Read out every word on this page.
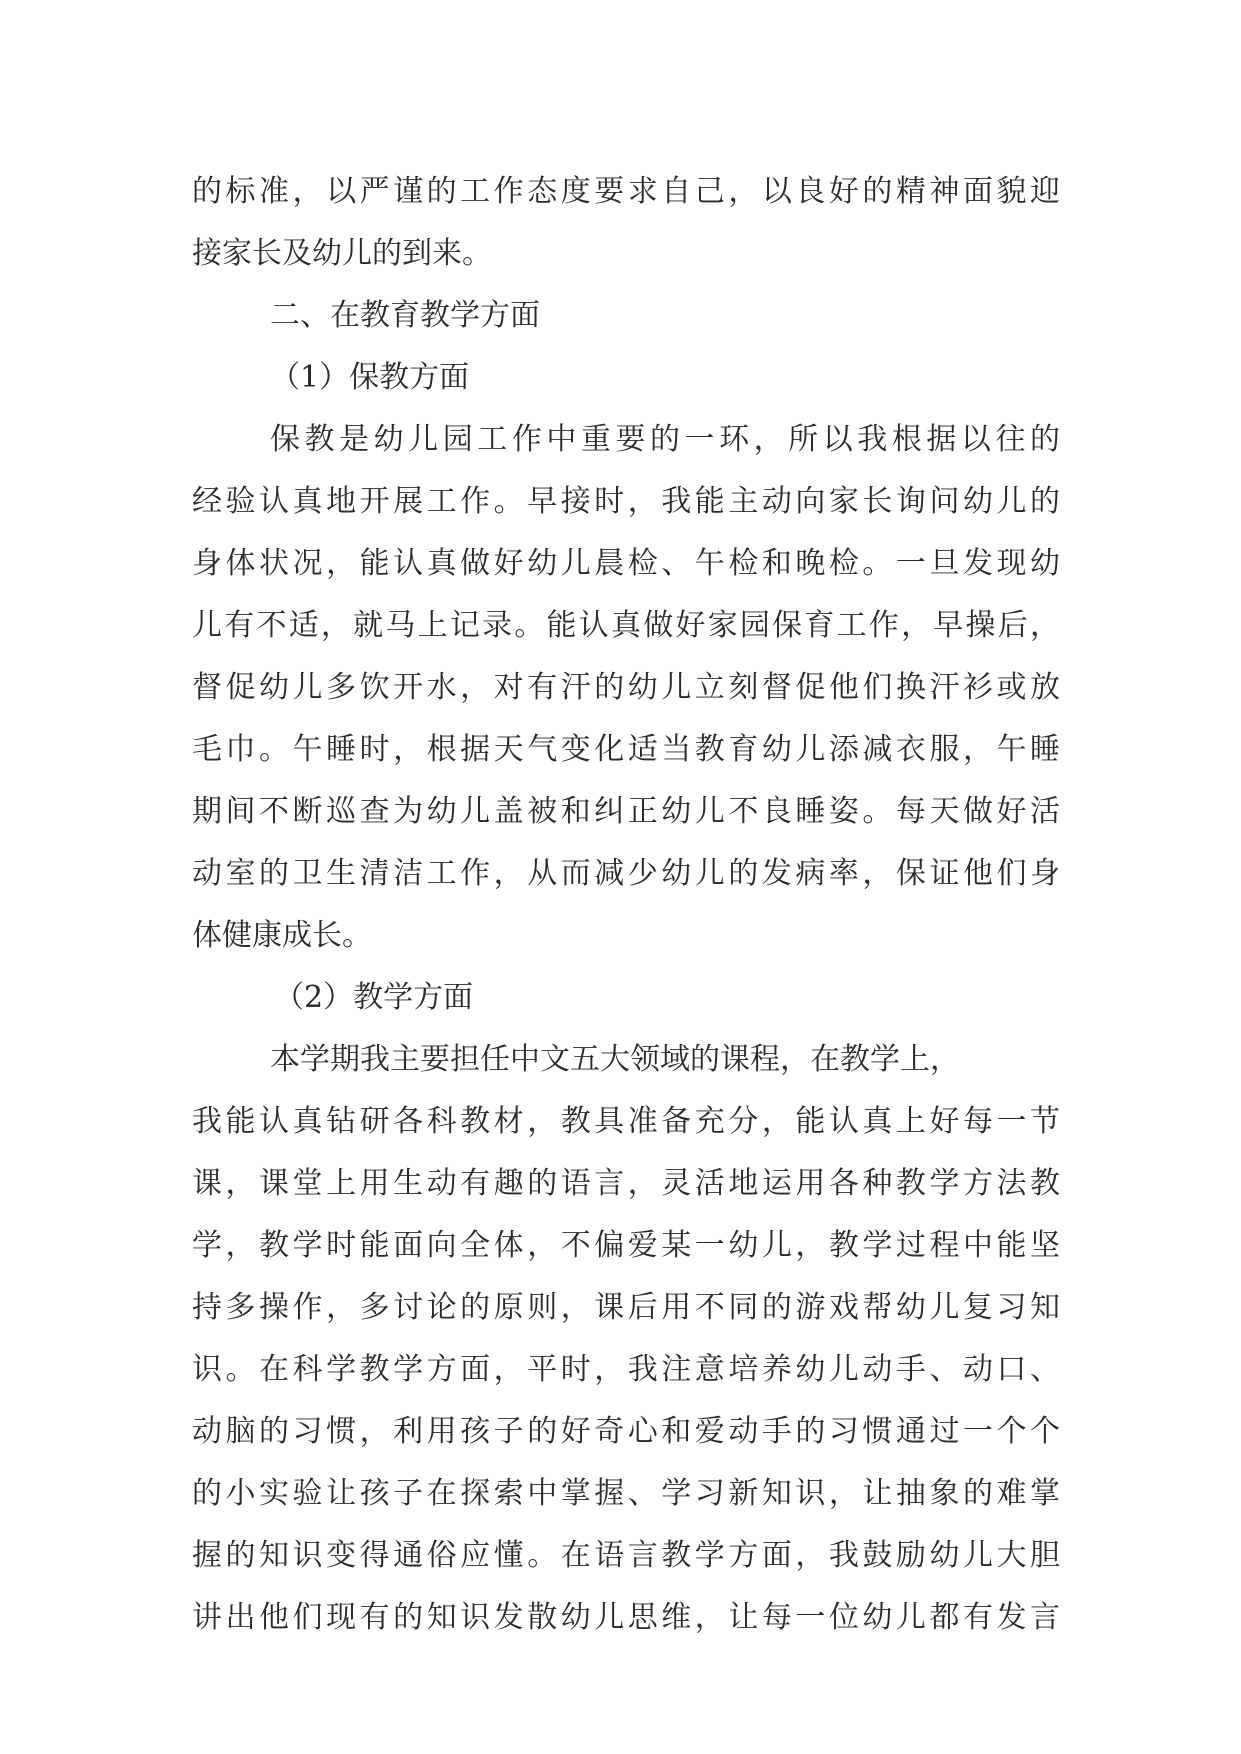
的标准，以严谨的工作态度要求自己，以良好的精神面貌迎
接家长及幼儿的到来。
二、在教育教学方面
（1）保教方面
保教是幼儿园工作中重要的一环，所以我根据以往的
经验认真地开展工作。早接时，我能主动向家长询问幼儿的
身体状况，能认真做好幼儿晨检、午检和晚检。一旦发现幼
儿有不适，就马上记录。能认真做好家园保育工作，早操后，
督促幼儿多饮开水，对有汗的幼儿立刻督促他们换汗衫或放
毛巾。午睡时，根据天气变化适当教育幼儿添减衣服，午睡
期间不断巡查为幼儿盖被和纠正幼儿不良睡姿。每天做好活
动室的卫生清洁工作，从而减少幼儿的发病率，保证他们身
体健康成长。
（2）教学方面
本学期我主要担任中文五大领域的课程，在教学上，
我能认真钻研各科教材，教具准备充分，能认真上好每一节
课，课堂上用生动有趣的语言，灵活地运用各种教学方法教
学，教学时能面向全体，不偏爱某一幼儿，教学过程中能坚
持多操作，多讨论的原则，课后用不同的游戏帮幼儿复习知
识。在科学教学方面，平时，我注意培养幼儿动手、动口、
动脑的习惯，利用孩子的好奇心和爱动手的习惯通过一个个
的小实验让孩子在探索中掌握、学习新知识，让抽象的难掌
握的知识变得通俗应懂。在语言教学方面，我鼓励幼儿大胆
讲出他们现有的知识发散幼儿思维，让每一位幼儿都有发言
